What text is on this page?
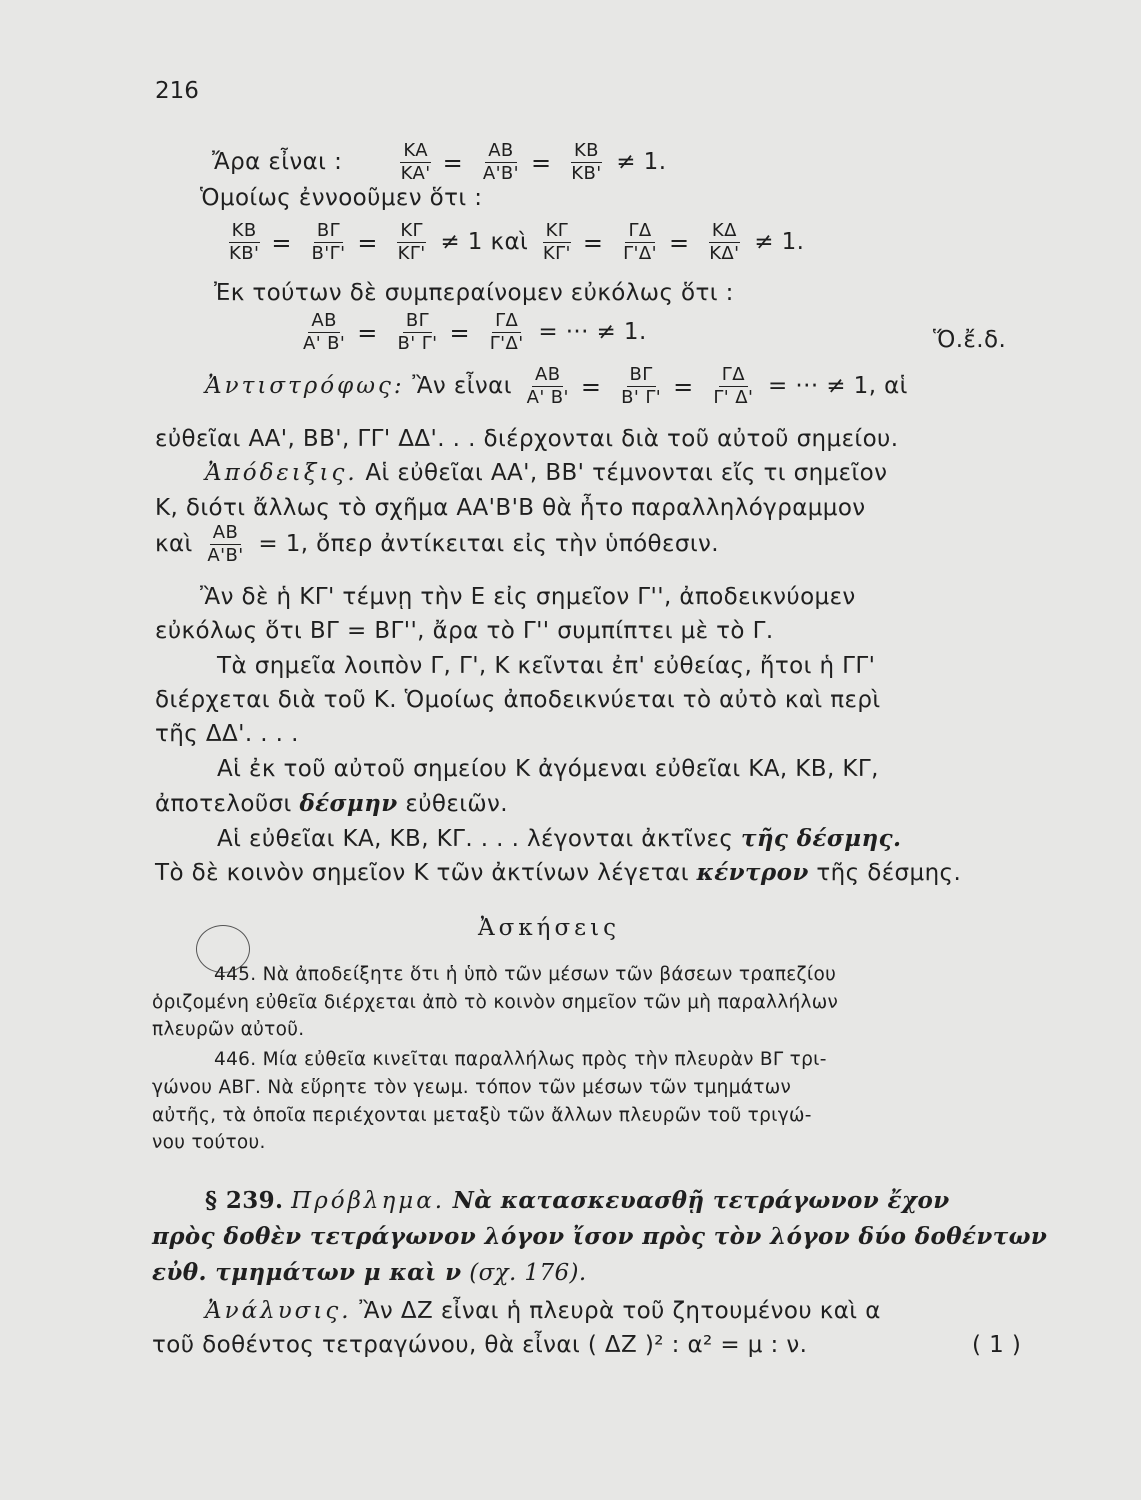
216
Ἄρα εἶναι :	$\frac{KA}{KA'} = \frac{AB}{A'B'} = \frac{KB}{KB'} \ne 1$.
Ὁμοίως ἐννοοῦμεν ὅτι :
$\frac{KB}{KB'} = \frac{B\Gamma}{B'\Gamma'} = \frac{K\Gamma}{K\Gamma'} \ne 1$ καὶ $\frac{K\Gamma}{K\Gamma'} = \frac{\Gamma\Delta}{\Gamma'\Delta'} = \frac{K\Delta}{K\Delta'} \ne 1$.
Ἐκ τούτων δὲ συμπεραίνομεν εὐκόλως ὅτι :
$\frac{AB}{A' B'} = \frac{B\Gamma}{B' \Gamma'} = \frac{\Gamma\Delta}{\Gamma'\Delta'}$ = ··· ≠ 1.	Ὅ.ἔ.δ.
Ἀντιστρόφως: Ἂν εἶναι $\frac{AB}{A' B'} = \frac{B\Gamma}{B' \Gamma'} = \frac{\Gamma\Delta}{\Gamma' \Delta'}$ = ··· ≠ 1, αἱ
εὐθεῖαι ΑΑ', ΒΒ', ΓΓ' ΔΔ'. . . διέρχονται διὰ τοῦ αὐτοῦ σημείου.
Ἀπόδειξις. Αἱ εὐθεῖαι ΑΑ', ΒΒ' τέμνονται εἴς τι σημεῖον
Κ, διότι ἄλλως τὸ σχῆμα ΑΑ'Β'Β θὰ ἦτο παραλληλόγραμμον
καὶ $\frac{AB}{A'B'} = 1$, ὅπερ ἀντίκειται εἰς τὴν ὑπόθεσιν.
Ἂν δὲ ἡ ΚΓ' τέμνῃ τὴν Ε εἰς σημεῖον Γ'', ἀποδεικνύομεν
εὐκόλως ὅτι ΒΓ = ΒΓ'', ἄρα τὸ Γ'' συμπίπτει μὲ τὸ Γ.
Τὰ σημεῖα λοιπὸν Γ, Γ', Κ κεῖνται ἐπ' εὐθείας, ἤτοι ἡ ΓΓ'
διέρχεται διὰ τοῦ Κ. Ὁμοίως ἀποδεικνύεται τὸ αὐτὸ καὶ περὶ
τῆς ΔΔ'. . . .
Αἱ ἐκ τοῦ αὐτοῦ σημείου Κ ἀγόμεναι εὐθεῖαι ΚΑ, ΚΒ, ΚΓ,
ἀποτελοῦσι δέσμην εὐθειῶν.
Αἱ εὐθεῖαι ΚΑ, ΚΒ, ΚΓ. . . . λέγονται ἀκτῖνες τῆς δέσμης.
Τὸ δὲ κοινὸν σημεῖον Κ τῶν ἀκτίνων λέγεται κέντρον τῆς δέσμης.
Ἀσκήσεις
445. Νὰ ἀποδείξητε ὅτι ἡ ὑπὸ τῶν μέσων τῶν βάσεων τραπεζίου
ὁριζομένη εὐθεῖα διέρχεται ἀπὸ τὸ κοινὸν σημεῖον τῶν μὴ παραλλήλων
πλευρῶν αὐτοῦ.
446. Μία εὐθεῖα κινεῖται παραλλήλως πρὸς τὴν πλευρὰν ΒΓ τρι-
γώνου ΑΒΓ. Νὰ εὕρητε τὸν γεωμ. τόπον τῶν μέσων τῶν τμημάτων
αὐτῆς, τὰ ὁποῖα περιέχονται μεταξὺ τῶν ἄλλων πλευρῶν τοῦ τριγώ-
νου τούτου.
§ 239. Πρόβλημα. Νὰ κατασκευασθῇ τετράγωνον ἔχον
πρὸς δοθὲν τετράγωνον λόγον ἴσον πρὸς τὸν λόγον δύο δοθέντων
εὐθ. τμημάτων μ καὶ ν (σχ. 176).
Ἀνάλυσις. Ἂν ΔΖ εἶναι ἡ πλευρὰ τοῦ ζητουμένου καὶ α
τοῦ δοθέντος τετραγώνου, θὰ εἶναι ( ΔΖ )² : α² = μ : ν.	( 1 )
